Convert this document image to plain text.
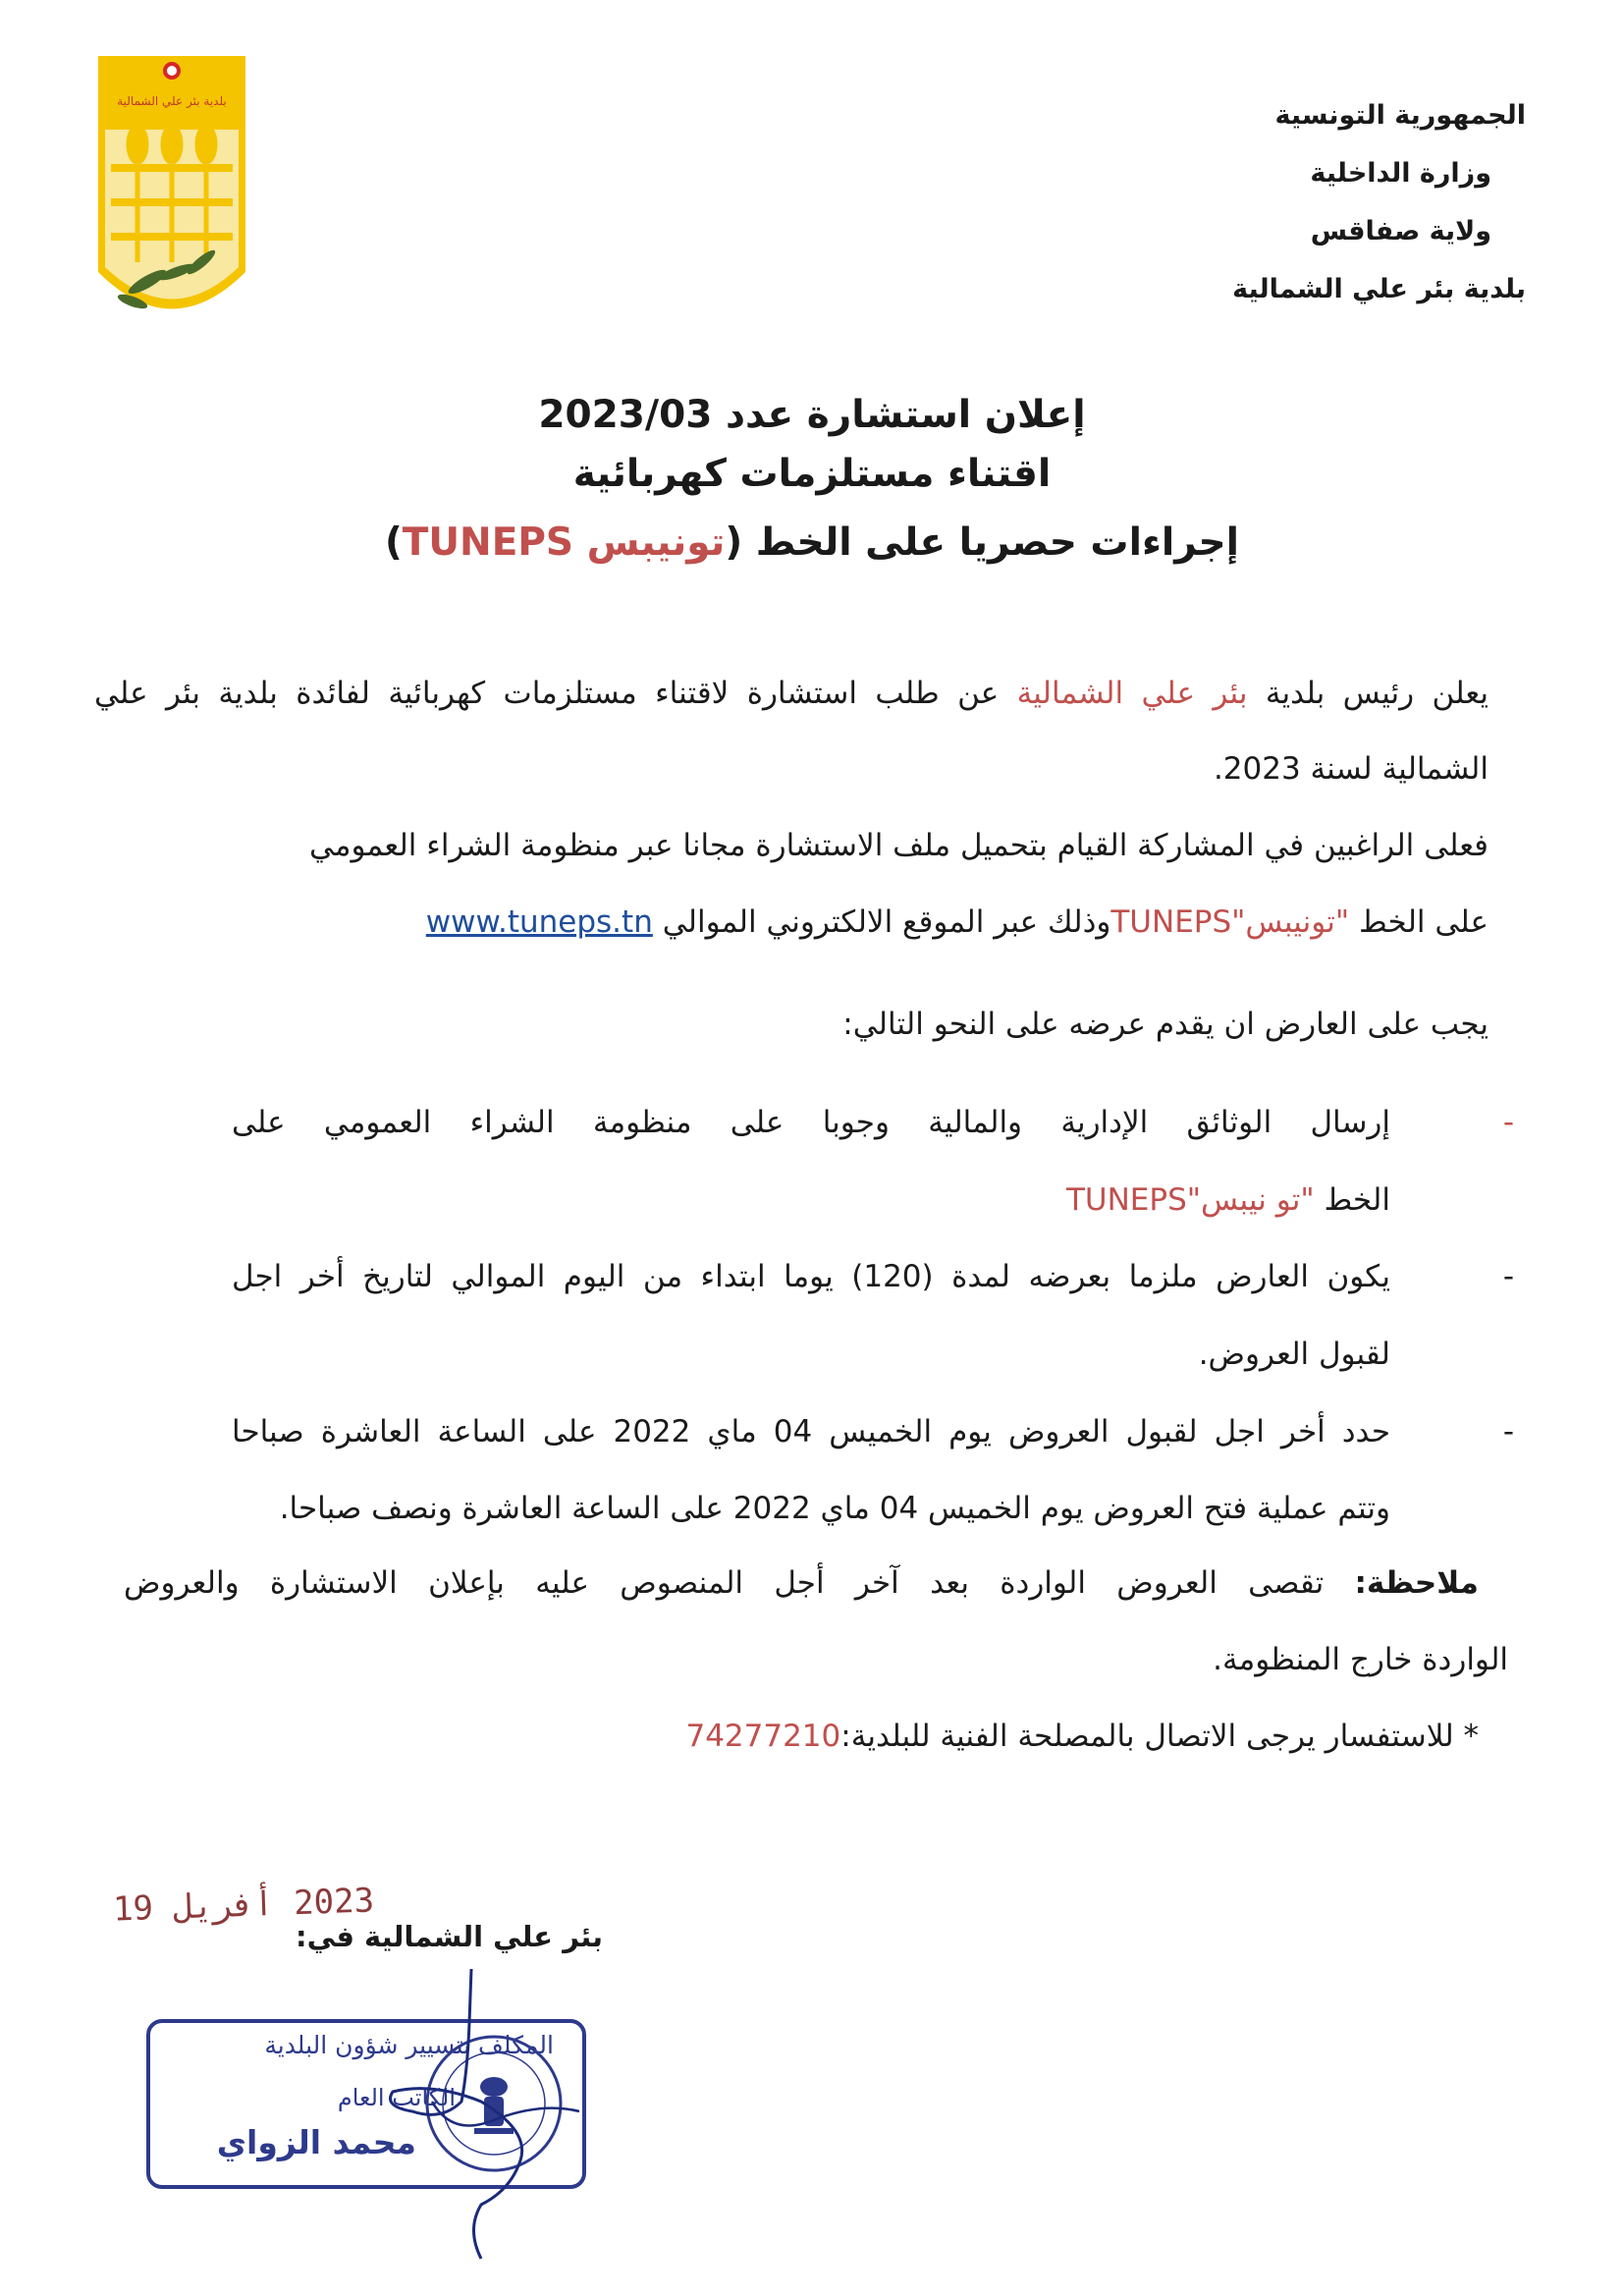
بلدية بئر علي الشمالية	الجمهورية التونسية
وزارة الداخلية
ولاية صفاقس
بلدية بئر علي الشمالية
إعلان استشارة عدد 2023/03
اقتناء مستلزمات كهربائية
إجراءات حصريا على الخط (تونيبس TUNEPS)
يعلن رئيس بلدية بئر علي الشمالية عن طلب استشارة لاقتناء مستلزمات كهربائية لفائدة بلدية بئر علي
الشمالية لسنة 2023.
فعلى الراغبين في المشاركة القيام بتحميل ملف الاستشارة مجانا عبر منظومة الشراء العمومي
على الخط "تونيبس"TUNEPSوذلك عبر الموقع الالكتروني الموالي www.tuneps.tn
يجب على العارض ان يقدم عرضه على النحو التالي:
-
إرسال الوثائق الإدارية والمالية وجوبا على منظومة الشراء العمومي على
الخط "تو نيبس"TUNEPS
-
يكون العارض ملزما بعرضه لمدة (120) يوما ابتداء من اليوم الموالي لتاريخ أخر اجل
لقبول العروض.
-
حدد أخر اجل لقبول العروض يوم الخميس 04 ماي 2022 على الساعة العاشرة صباحا
وتتم عملية فتح العروض يوم الخميس 04 ماي 2022 على الساعة العاشرة ونصف صباحا.
ملاحظة: تقصى العروض الواردة بعد آخر أجل المنصوص عليه بإعلان الاستشارة والعروض
الواردة خارج المنظومة.
* للاستفسار يرجى الاتصال بالمصلحة الفنية للبلدية:74277210
2023 أفريل 19
بئر علي الشمالية في:
المكلف بتسيير شؤون البلدية
الكاتب العام
محمد الزواي
